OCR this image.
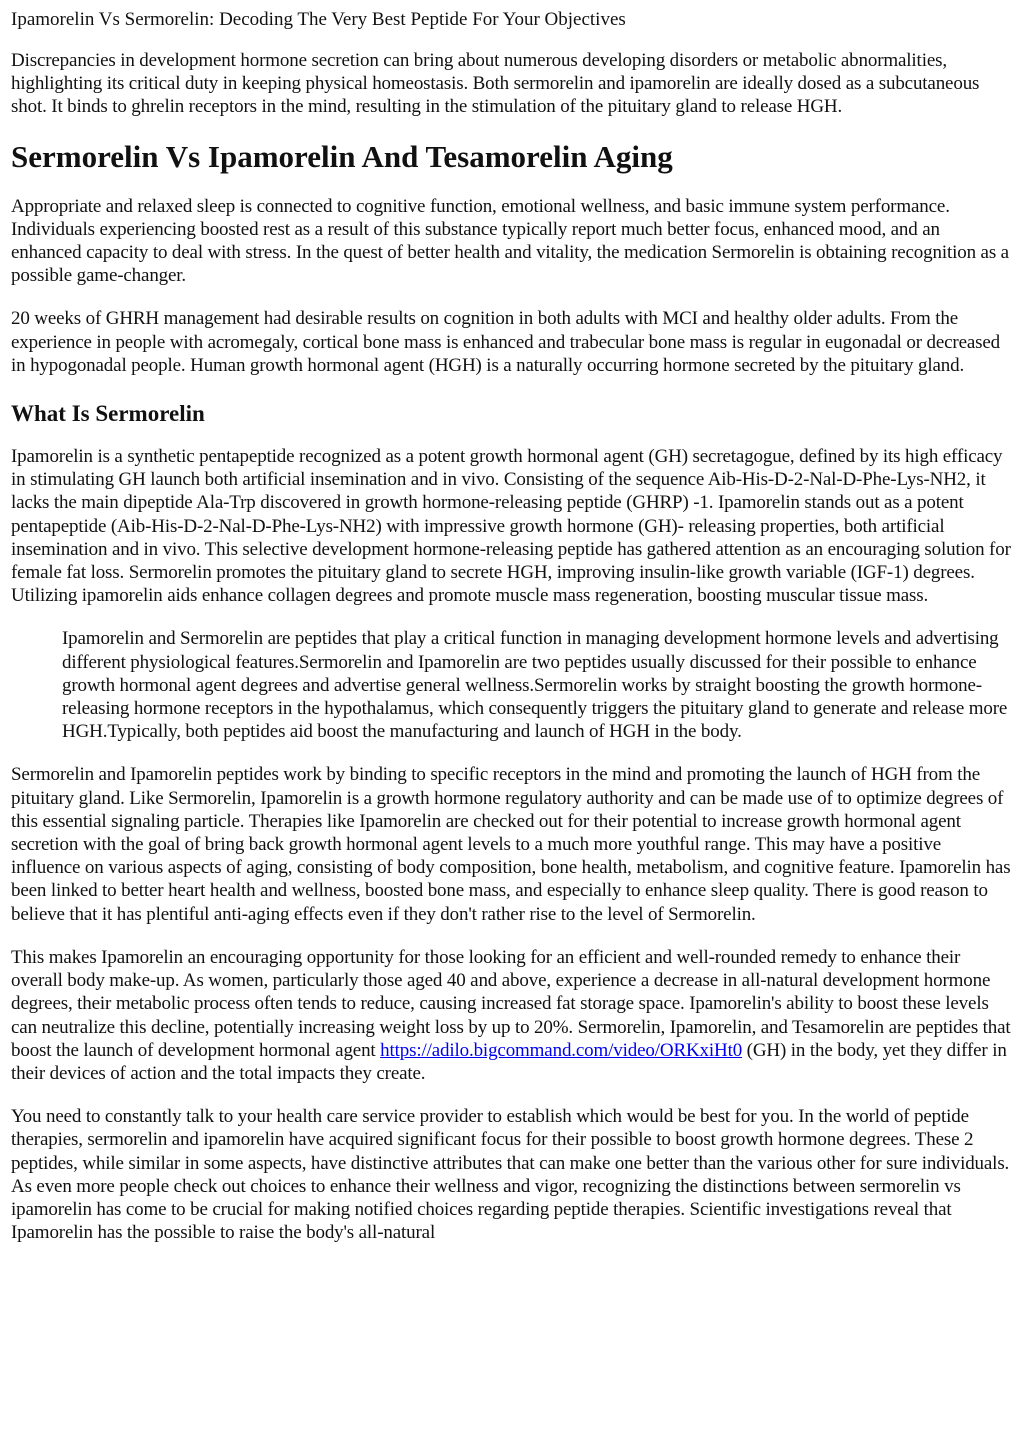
Ipamorelin Vs Sermorelin: Decoding The Very Best Peptide For Your Objectives

Discrepancies in development hormone secretion can bring about numerous developing disorders or metabolic abnormalities, highlighting its critical duty in keeping physical homeostasis. Both sermorelin and ipamorelin are ideally dosed as a subcutaneous shot. It binds to ghrelin receptors in the mind, resulting in the stimulation of the pituitary gland to release HGH.

Sermorelin Vs Ipamorelin And Tesamorelin Aging

Appropriate and relaxed sleep is connected to cognitive function, emotional wellness, and basic immune system performance. Individuals experiencing boosted rest as a result of this substance typically report much better focus, enhanced mood, and an enhanced capacity to deal with stress. In the quest of better health and vitality, the medication Sermorelin is obtaining recognition as a possible game-changer.

20 weeks of GHRH management had desirable results on cognition in both adults with MCI and healthy older adults. From the experience in people with acromegaly, cortical bone mass is enhanced and trabecular bone mass is regular in eugonadal or decreased in hypogonadal people. Human growth hormonal agent (HGH) is a naturally occurring hormone secreted by the pituitary gland.

What Is Sermorelin

Ipamorelin is a synthetic pentapeptide recognized as a potent growth hormonal agent (GH) secretagogue, defined by its high efficacy in stimulating GH launch both artificial insemination and in vivo. Consisting of the sequence Aib-His-D-2-Nal-D-Phe-Lys-NH2, it lacks the main dipeptide Ala-Trp discovered in growth hormone-releasing peptide (GHRP) -1. Ipamorelin stands out as a potent pentapeptide (Aib-His-D-2-Nal-D-Phe-Lys-NH2) with impressive growth hormone (GH)- releasing properties, both artificial insemination and in vivo. This selective development hormone-releasing peptide has gathered attention as an encouraging solution for female fat loss. Sermorelin promotes the pituitary gland to secrete HGH, improving insulin-like growth variable (IGF-1) degrees. Utilizing ipamorelin aids enhance collagen degrees and promote muscle mass regeneration, boosting muscular tissue mass.

Ipamorelin and Sermorelin are peptides that play a critical function in managing development hormone levels and advertising different physiological features.Sermorelin and Ipamorelin are two peptides usually discussed for their possible to enhance growth hormonal agent degrees and advertise general wellness.Sermorelin works by straight boosting the growth hormone-releasing hormone receptors in the hypothalamus, which consequently triggers the pituitary gland to generate and release more HGH.Typically, both peptides aid boost the manufacturing and launch of HGH in the body.

Sermorelin and Ipamorelin peptides work by binding to specific receptors in the mind and promoting the launch of HGH from the pituitary gland. Like Sermorelin, Ipamorelin is a growth hormone regulatory authority and can be made use of to optimize degrees of this essential signaling particle. Therapies like Ipamorelin are checked out for their potential to increase growth hormonal agent secretion with the goal of bring back growth hormonal agent levels to a much more youthful range. This may have a positive influence on various aspects of aging, consisting of body composition, bone health, metabolism, and cognitive feature. Ipamorelin has been linked to better heart health and wellness, boosted bone mass, and especially to enhance sleep quality. There is good reason to believe that it has plentiful anti-aging effects even if they don't rather rise to the level of Sermorelin.

This makes Ipamorelin an encouraging opportunity for those looking for an efficient and well-rounded remedy to enhance their overall body make-up. As women, particularly those aged 40 and above, experience a decrease in all-natural development hormone degrees, their metabolic process often tends to reduce, causing increased fat storage space. Ipamorelin's ability to boost these levels can neutralize this decline, potentially increasing weight loss by up to 20%. Sermorelin, Ipamorelin, and Tesamorelin are peptides that boost the launch of development hormonal agent https://adilo.bigcommand.com/video/ORKxiHt0 (GH) in the body, yet they differ in their devices of action and the total impacts they create.

You need to constantly talk to your health care service provider to establish which would be best for you. In the world of peptide therapies, sermorelin and ipamorelin have acquired significant focus for their possible to boost growth hormone degrees. These 2 peptides, while similar in some aspects, have distinctive attributes that can make one better than the various other for sure individuals. As even more people check out choices to enhance their wellness and vigor, recognizing the distinctions between sermorelin vs ipamorelin has come to be crucial for making notified choices regarding peptide therapies. Scientific investigations reveal that Ipamorelin has the possible to raise the body's all-natural
